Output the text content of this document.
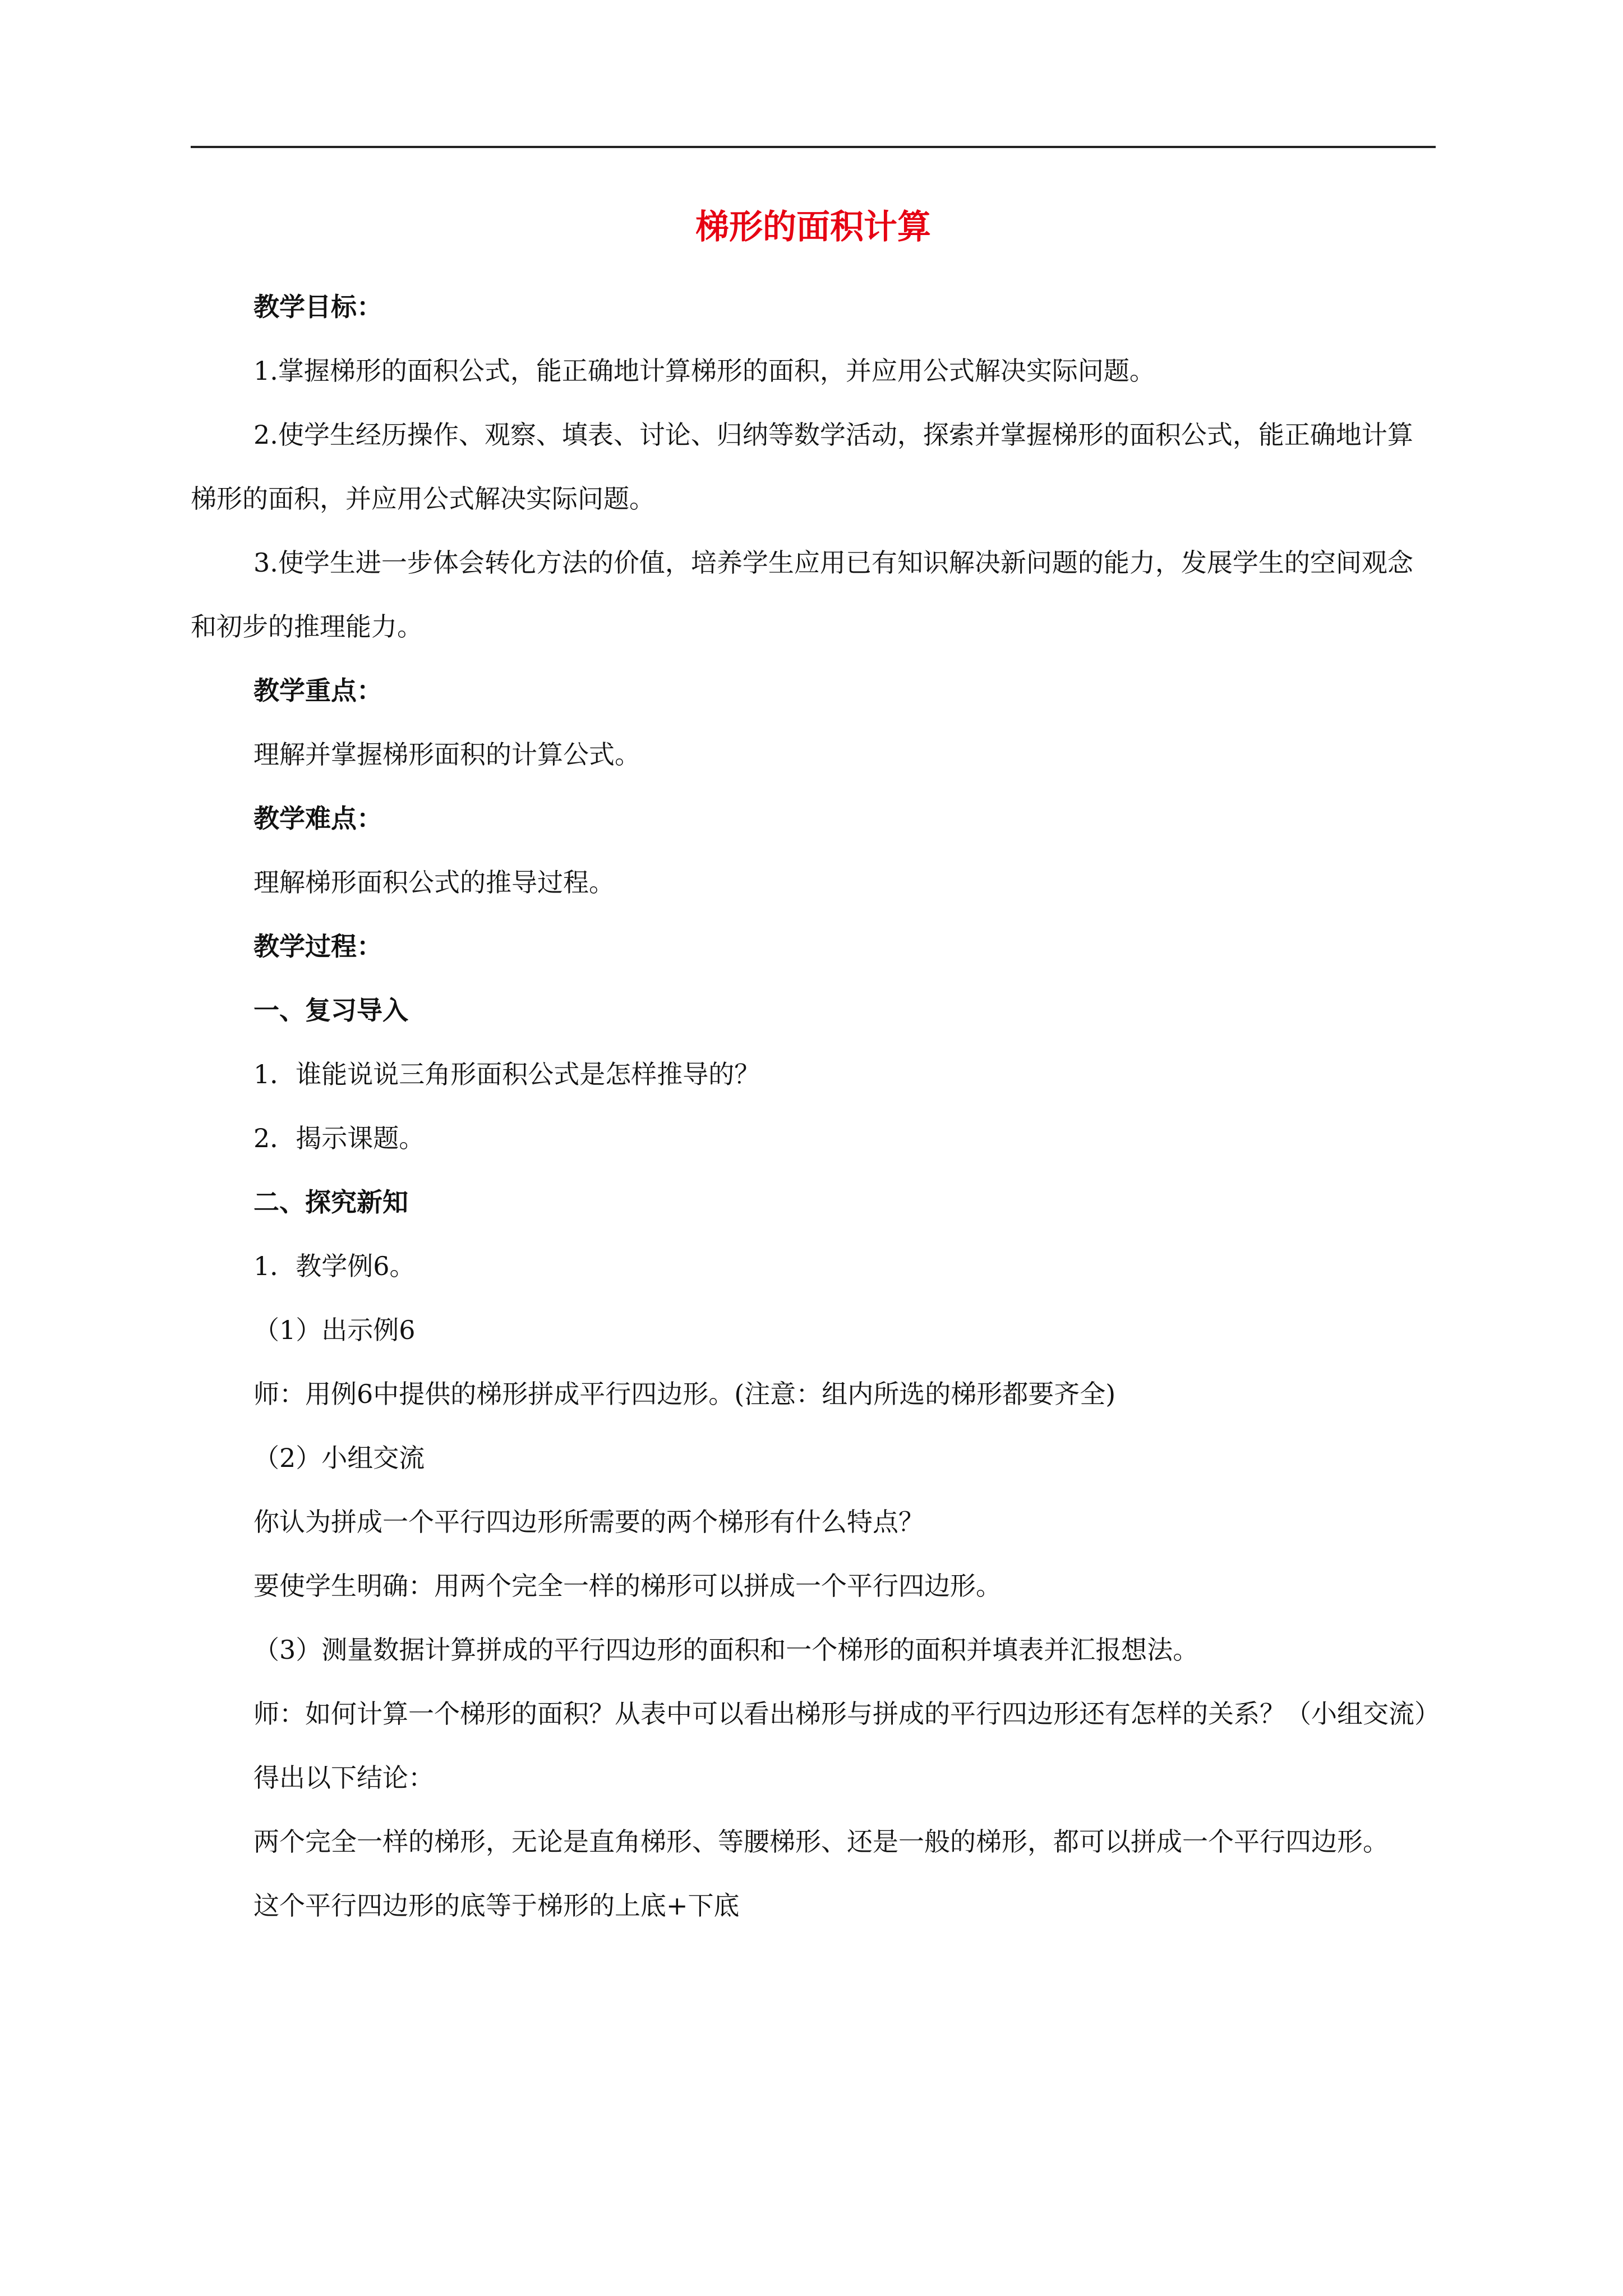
梯形的面积计算

教学目标：

1.掌握梯形的面积公式，能正确地计算梯形的面积，并应用公式解决实际问题。

2.使学生经历操作、观察、填表、讨论、归纳等数学活动，探索并掌握梯形的面积公式，能正确地计算梯形的面积，并应用公式解决实际问题。

3.使学生进一步体会转化方法的价值，培养学生应用已有知识解决新问题的能力，发展学生的空间观念和初步的推理能力。

教学重点：

理解并掌握梯形面积的计算公式。

教学难点：

理解梯形面积公式的推导过程。

教学过程：

一、复习导入

1．谁能说说三角形面积公式是怎样推导的？

2．揭示课题。

二、探究新知

1．教学例6。

（1）出示例6

师：用例6中提供的梯形拼成平行四边形。(注意：组内所选的梯形都要齐全)

（2）小组交流

你认为拼成一个平行四边形所需要的两个梯形有什么特点？

要使学生明确：用两个完全一样的梯形可以拼成一个平行四边形。

（3）测量数据计算拼成的平行四边形的面积和一个梯形的面积并填表并汇报想法。

师：如何计算一个梯形的面积？从表中可以看出梯形与拼成的平行四边形还有怎样的关系？（小组交流）

得出以下结论：

两个完全一样的梯形，无论是直角梯形、等腰梯形、还是一般的梯形，都可以拼成一个平行四边形。

这个平行四边形的底等于梯形的上底+下底
